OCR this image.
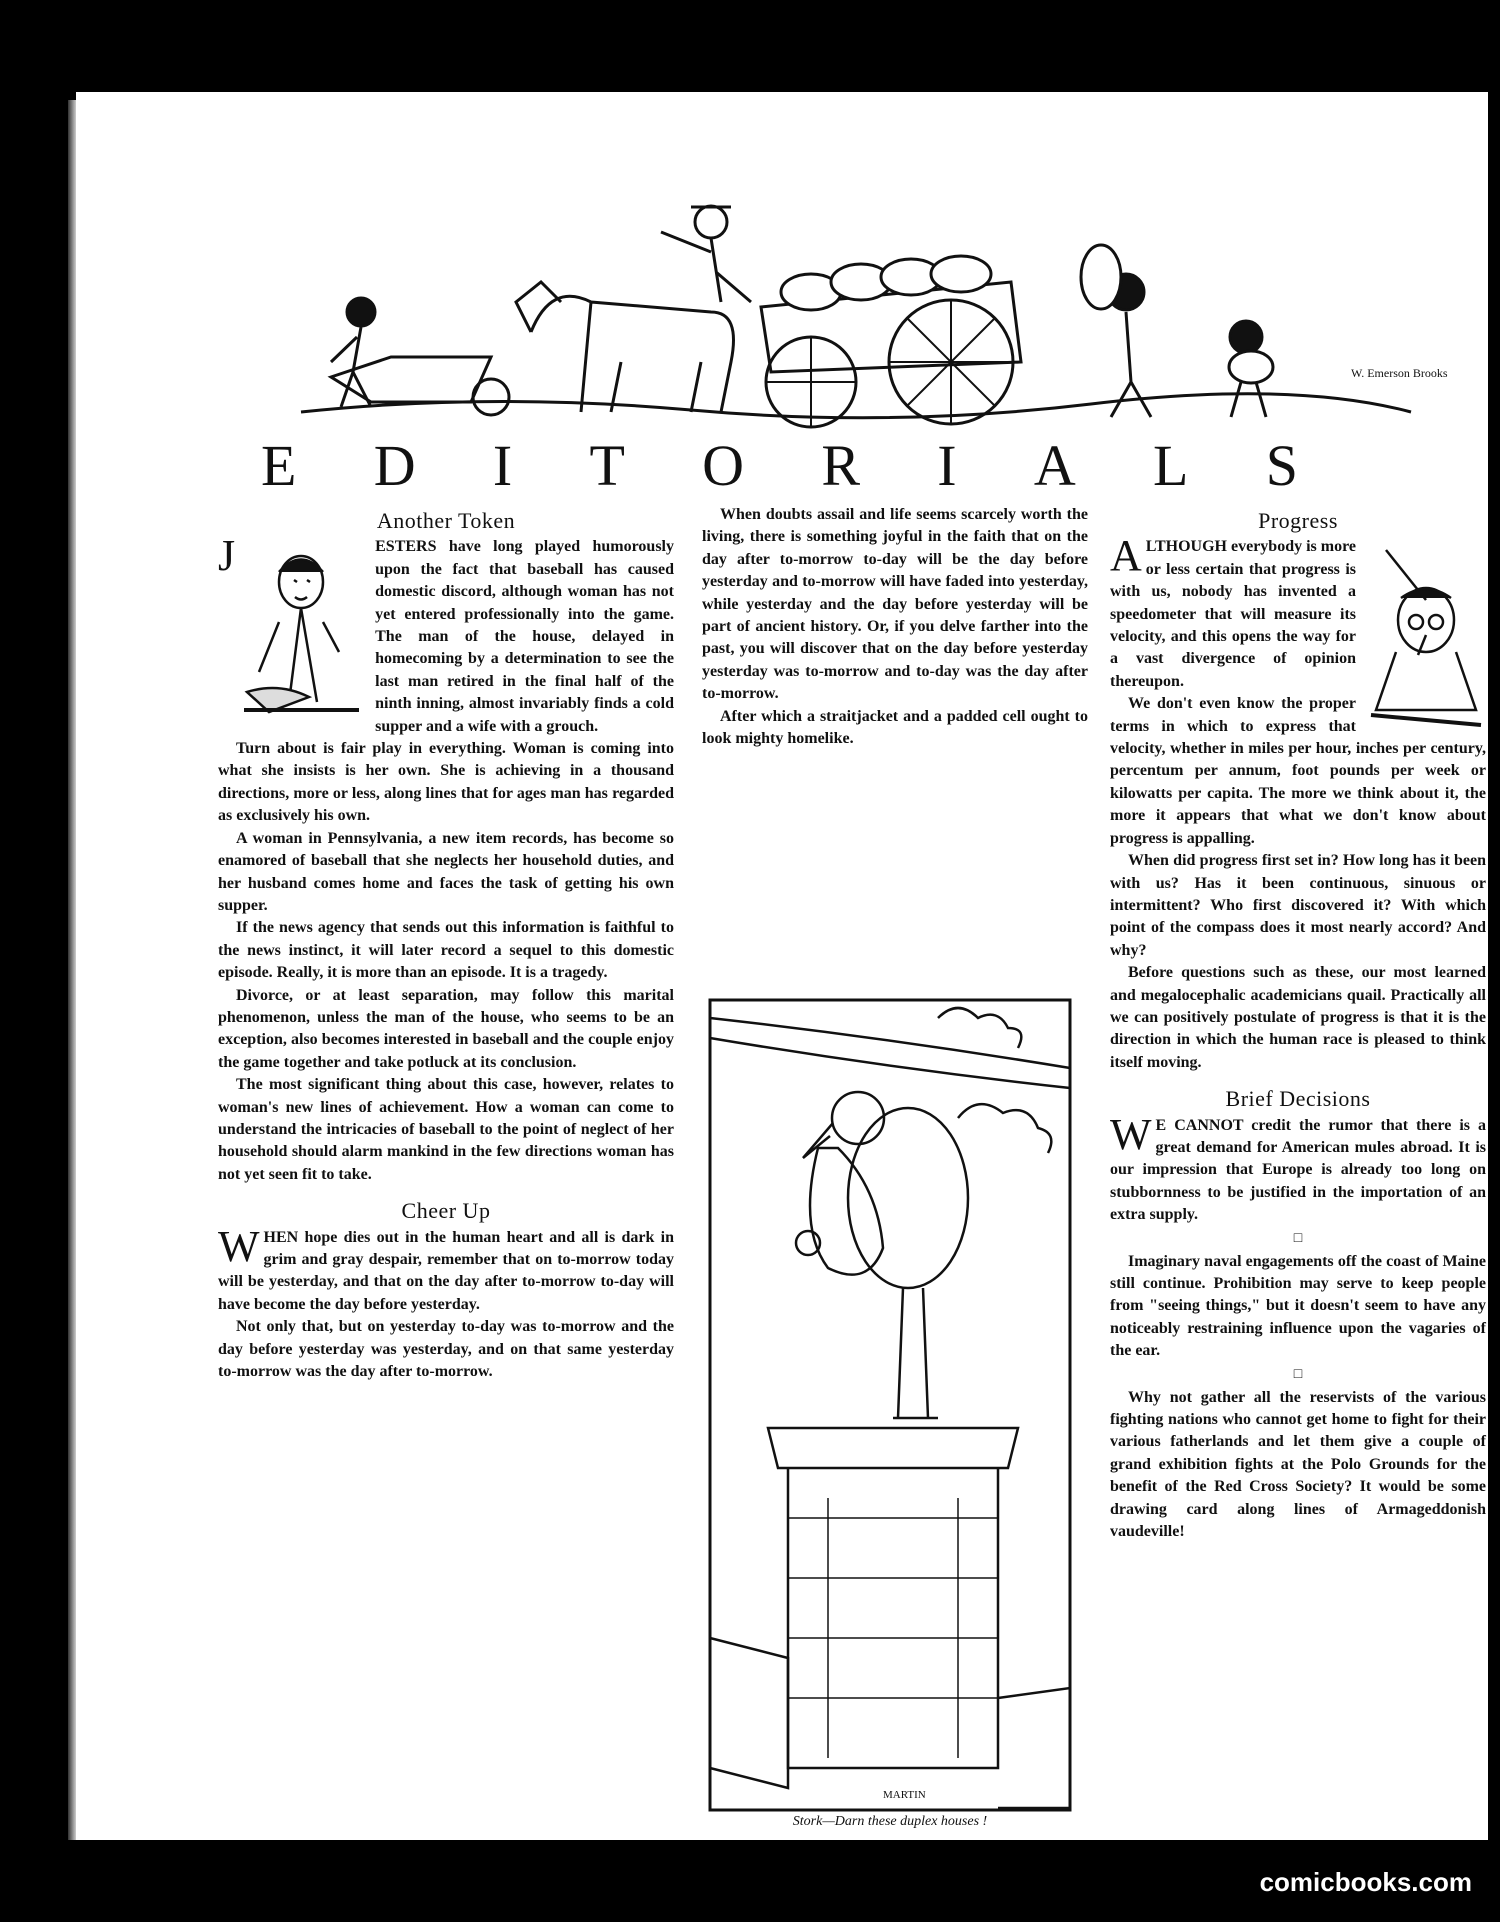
W. Emerson Brooks
E D I T O R I A L S
Another Token

J	ESTERS have long played humorously upon the fact that baseball has caused domestic discord, although woman has not yet entered professionally into the game. The man of the house, delayed in homecoming by a determination to see the last man retired in the final half of the ninth inning, almost invariably finds a cold supper and a wife with a grouch.

Turn about is fair play in everything. Woman is coming into what she insists is her own. She is achieving in a thousand directions, more or less, along lines that for ages man has regarded as exclusively his own.

A woman in Pennsylvania, a new item records, has become so enamored of baseball that she neglects her household duties, and her husband comes home and faces the task of getting his own supper.

If the news agency that sends out this information is faithful to the news instinct, it will later record a sequel to this domestic episode. Really, it is more than an episode. It is a tragedy.

Divorce, or at least separation, may follow this marital phenomenon, unless the man of the house, who seems to be an exception, also becomes interested in baseball and the couple enjoy the game together and take potluck at its conclusion.

The most significant thing about this case, however, relates to woman's new lines of achievement. How a woman can come to understand the intricacies of baseball to the point of neglect of her household should alarm mankind in the few directions woman has not yet seen fit to take.

Cheer Up

W HEN hope dies out in the human heart and all is dark in grim and gray despair, remember that on to-morrow today will be yesterday, and that on the day after to-morrow to-day will have become the day before yesterday.

Not only that, but on yesterday to-day was to-morrow and the day before yesterday was yesterday, and on that same yesterday to-morrow was the day after to-morrow.

When doubts assail and life seems scarcely worth the living, there is something joyful in the faith that on the day after to-morrow to-day will be the day before yesterday and to-morrow will have faded into yesterday, while yesterday and the day before yesterday will be part of ancient history. Or, if you delve farther into the past, you will discover that on the day before yesterday yesterday was to-morrow and to-day was the day after to-morrow.

After which a straitjacket and a padded cell ought to look mighty homelike.

MARTIN
Stork—Darn these duplex houses !
Progress

A LTHOUGH everybody is more or less certain that progress is with us, nobody has invented a speedometer that will measure its velocity, and this opens the way for a vast divergence of opinion thereupon.

We don't even know the proper terms in which to express that velocity, whether in miles per hour, inches per century, percentum per annum, foot pounds per week or kilowatts per capita. The more we think about it, the more it appears that what we don't know about progress is appalling.

When did progress first set in? How long has it been with us? Has it been continuous, sinuous or intermittent? Who first discovered it? With which point of the compass does it most nearly accord? And why?

Before questions such as these, our most learned and megalocephalic academicians quail. Practically all we can positively postulate of progress is that it is the direction in which the human race is pleased to think itself moving.

Brief Decisions

W E CANNOT credit the rumor that there is a great demand for American mules abroad. It is our impression that Europe is already too long on stubbornness to be justified in the importation of an extra supply.

□

Imaginary naval engagements off the coast of Maine still continue. Prohibition may serve to keep people from "seeing things," but it doesn't seem to have any noticeably restraining influence upon the vagaries of the ear.

□

Why not gather all the reservists of the various fighting nations who cannot get home to fight for their various fatherlands and let them give a couple of grand exhibition fights at the Polo Grounds for the benefit of the Red Cross Society? It would be some drawing card along lines of Armageddonish vaudeville!

comicbooks.com
